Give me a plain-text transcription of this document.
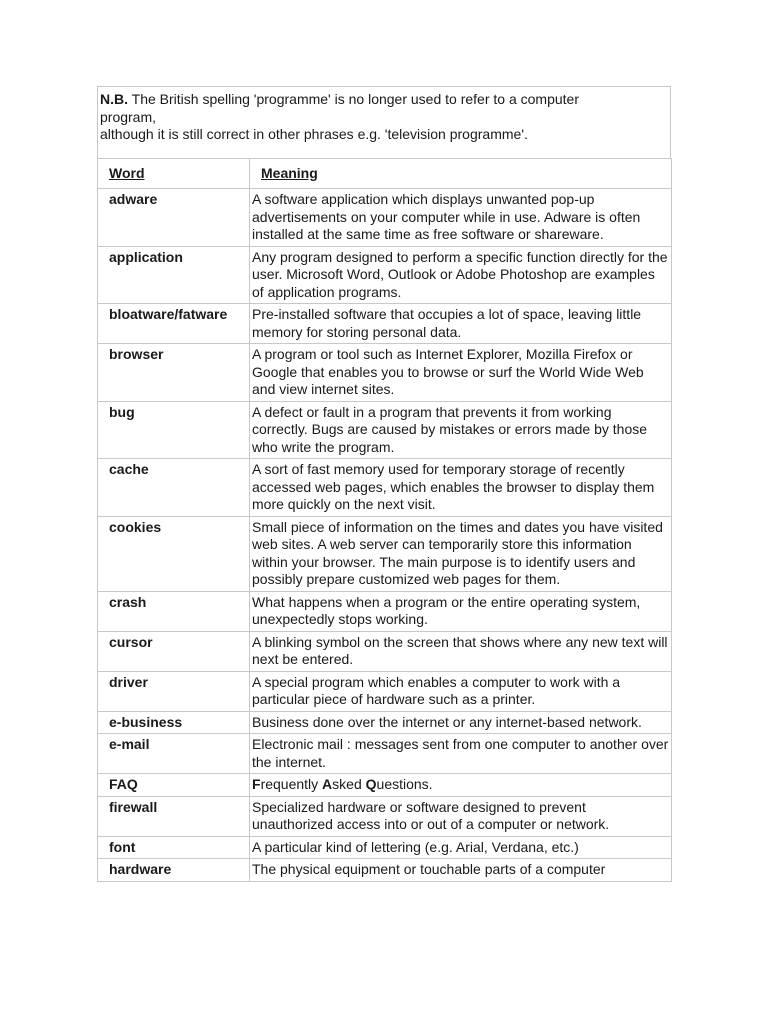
N.B. The British spelling 'programme' is no longer used to refer to a computer
program,
although it is still correct in other phrases e.g. 'television programme'.
Word	Meaning
adware	A software application which displays unwanted pop-up advertisements on your computer while in use. Adware is often installed at the same time as free software or shareware.
application	Any program designed to perform a specific function directly for the user. Microsoft Word, Outlook or Adobe Photoshop are examples of application programs.
bloatware/fatware	Pre-installed software that occupies a lot of space, leaving little memory for storing personal data.
browser	A program or tool such as Internet Explorer, Mozilla Firefox or Google that enables you to browse or surf the World Wide Web and view internet sites.
bug	A defect or fault in a program that prevents it from working correctly. Bugs are caused by mistakes or errors made by those who write the program.
cache	A sort of fast memory used for temporary storage of recently accessed web pages, which enables the browser to display them more quickly on the next visit.
cookies	Small piece of information on the times and dates you have visited web sites. A web server can temporarily store this information within your browser. The main purpose is to identify users and possibly prepare customized web pages for them.
crash	What happens when a program or the entire operating system, unexpectedly stops working.
cursor	A blinking symbol on the screen that shows where any new text will next be entered.
driver	A special program which enables a computer to work with a particular piece of hardware such as a printer.
e-business	Business done over the internet or any internet-based network.
e-mail	Electronic mail : messages sent from one computer to another over the internet.
FAQ	Frequently Asked Questions.
firewall	Specialized hardware or software designed to prevent unauthorized access into or out of a computer or network.
font	A particular kind of lettering (e.g. Arial, Verdana, etc.)
hardware	The physical equipment or touchable parts of a computer
